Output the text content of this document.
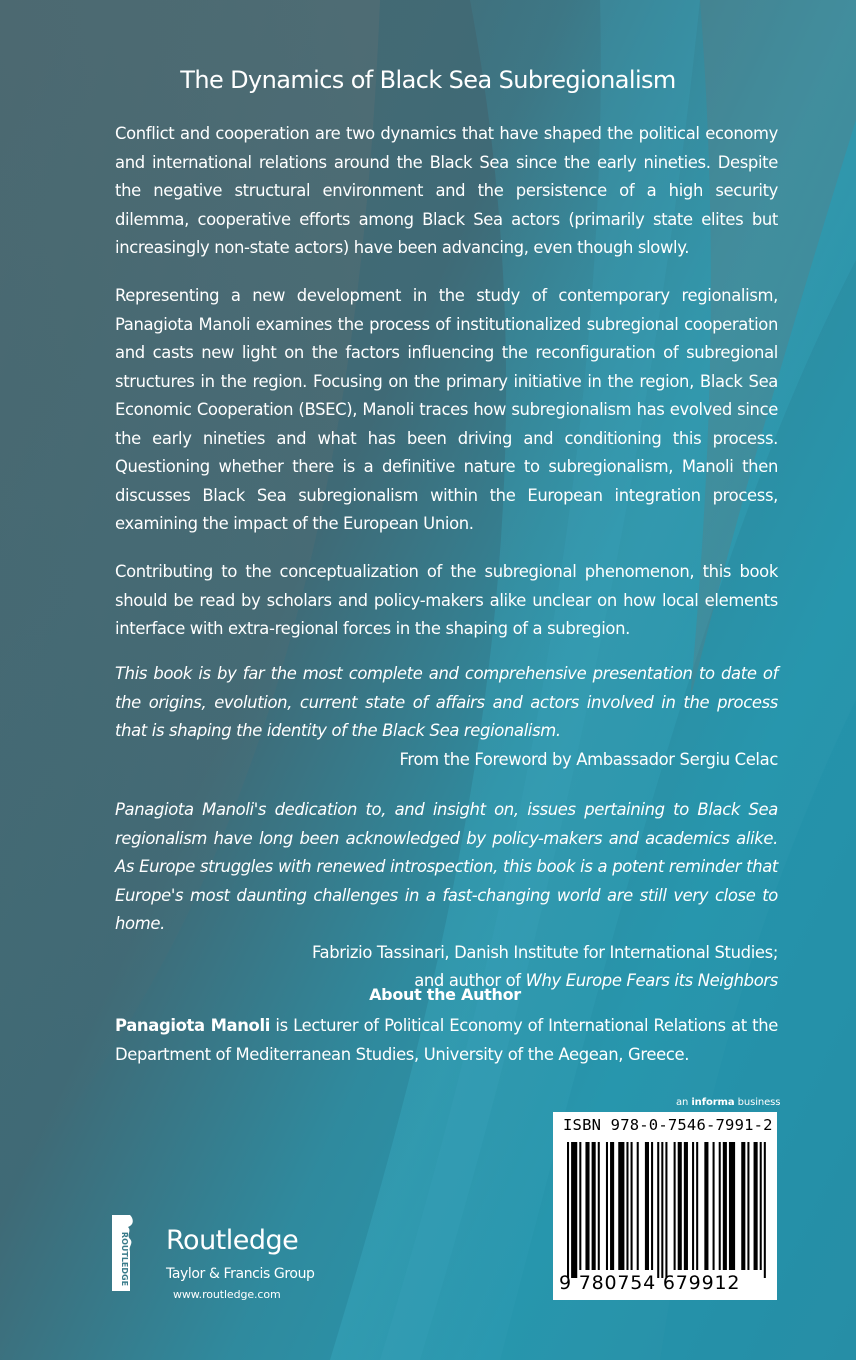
The Dynamics of Black Sea Subregionalism

Conflict and cooperation are two dynamics that have shaped the political economy and international relations around the Black Sea since the early nineties. Despite the negative structural environment and the persistence of a high security dilemma, cooperative efforts among Black Sea actors (primarily state elites but increasingly non-state actors) have been advancing, even though slowly.

Representing a new development in the study of contemporary regionalism, Panagiota Manoli examines the process of institutionalized subregional cooperation and casts new light on the factors influencing the reconfiguration of subregional structures in the region. Focusing on the primary initiative in the region, Black Sea Economic Cooperation (BSEC), Manoli traces how subregionalism has evolved since the early nineties and what has been driving and conditioning this process. Questioning whether there is a definitive nature to subregionalism, Manoli then discusses Black Sea subregionalism within the European integration process, examining the impact of the European Union.

Contributing to the conceptualization of the subregional phenomenon, this book should be read by scholars and policy-makers alike unclear on how local elements interface with extra-regional forces in the shaping of a subregion.

This book is by far the most complete and comprehensive presentation to date of the origins, evolution, current state of affairs and actors involved in the process that is shaping the identity of the Black Sea regionalism.

From the Foreword by Ambassador Sergiu Celac

Panagiota Manoli's dedication to, and insight on, issues pertaining to Black Sea regionalism have long been acknowledged by policy-makers and academics alike. As Europe struggles with renewed introspection, this book is a potent reminder that Europe's most daunting challenges in a fast-changing world are still very close to home.

Fabrizio Tassinari, Danish Institute for International Studies;

and author of Why Europe Fears its Neighbors

About the Author

Panagiota Manoli is Lecturer of Political Economy of International Relations at the Department of Mediterranean Studies, University of the Aegean, Greece.

an informa business
ISBN 978-0-7546-7991-2
9 780754 679912
ROUTLEDGE Routledge
Taylor & Francis Group
www.routledge.com
